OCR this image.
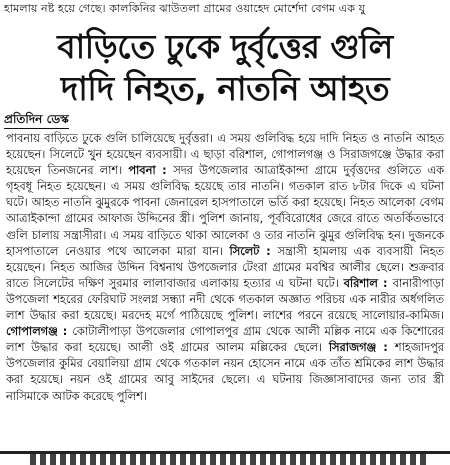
হামলায় নষ্ট হয়ে গেছে। কালকিনির ঝাউতলা গ্রামের ওয়াহেদ মোর্শেদা বেগম এক যু
বাড়িতে ঢুকে দুর্বৃত্তের গুলি
দাদি নিহত, নাতনি আহত
প্রতিদিন ডেস্ক
পাবনায় বাড়িতে ঢুকে গুলি চালিয়েছে দুর্বৃত্তরা। এ সময় গুলিবিদ্ধ হয়ে দাদি নিহত ও নাতনি আহত হয়েছেন। সিলেটে খুন হয়েছেন ব্যবসায়ী। এ ছাড়া বরিশাল, গোপালগঞ্জ ও সিরাজগঞ্জে উদ্ধার করা হয়েছেন তিনজনের লাশ। পাবনা : সদর উপজেলার আত্রাইকান্দা গ্রামে দুর্বৃত্তদের গুলিতে এক গৃহবধূ নিহত হয়েছেন। এ সময় গুলিবিদ্ধ হয়েছে তার নাতনি। গতকাল রাত ৮টার দিকে এ ঘটনা ঘটে। আহত নাতনি ঝুমুরকে পাবনা জেনারেল হাসপাতালে ভর্তি করা হয়েছে। নিহত আলেকা বেগম আত্রাইকান্দা গ্রামের আফাজ উদ্দিনের স্ত্রী। পুলিশ জানায়, পূর্ববিরোধের জেরে রাতে অতর্কিতভাবে গুলি চালায় সন্ত্রাসীরা। এ সময় বাড়িতে থাকা আলেকা ও তার নাতনি ঝুমুর গুলিবিদ্ধ হন। দুজনকে হাসপাতালে নেওয়ার পথে আলেকা মারা যান। সিলেট : সন্ত্রাসী হামলায় এক ব্যবসায়ী নিহত হয়েছেন। নিহত আজির উদ্দিন বিশ্বনাথ উপজেলার টেংরা গ্রামের মবশ্বির আলীর ছেলে। শুক্রবার রাতে সিলেটের দক্ষিণ সুরমার লালাবাজার এলাকায় হত্যার এ ঘটনা ঘটে। বরিশাল : বানারীপাড়া উপজেলা শহরের ফেরিঘাট সংলগ্ন সন্ধ্যা নদী থেকে গতকাল অজ্ঞাত পরিচয় এক নারীর অর্ধগলিত লাশ উদ্ধার করা হয়েছে। মরদেহ মর্গে পাঠিয়েছে পুলিশ। লাশের পরনে রয়েছে সালোয়ার-কামিজ। গোপালগঞ্জ : কোটালীপাড়া উপজেলার গোপালপুর গ্রাম থেকে আলী মল্লিক নামে এক কিশোরের লাশ উদ্ধার করা হয়েছে। আলী ওই গ্রামের আলম মল্লিকের ছেলে। সিরাজগঞ্জ : শাহজাদপুর উপজেলার কুমির বেয়ালিয়া গ্রাম থেকে গতকাল নয়ন হোসেন নামে এক তাঁত শ্রমিকের লাশ উদ্ধার করা হয়েছে। নয়ন ওই গ্রামের আবু সাইদের ছেলে। এ ঘটনায় জিজ্ঞাসাবাদের জন্য তার স্ত্রী নাসিমাকে আটক করেছে পুলিশ।
